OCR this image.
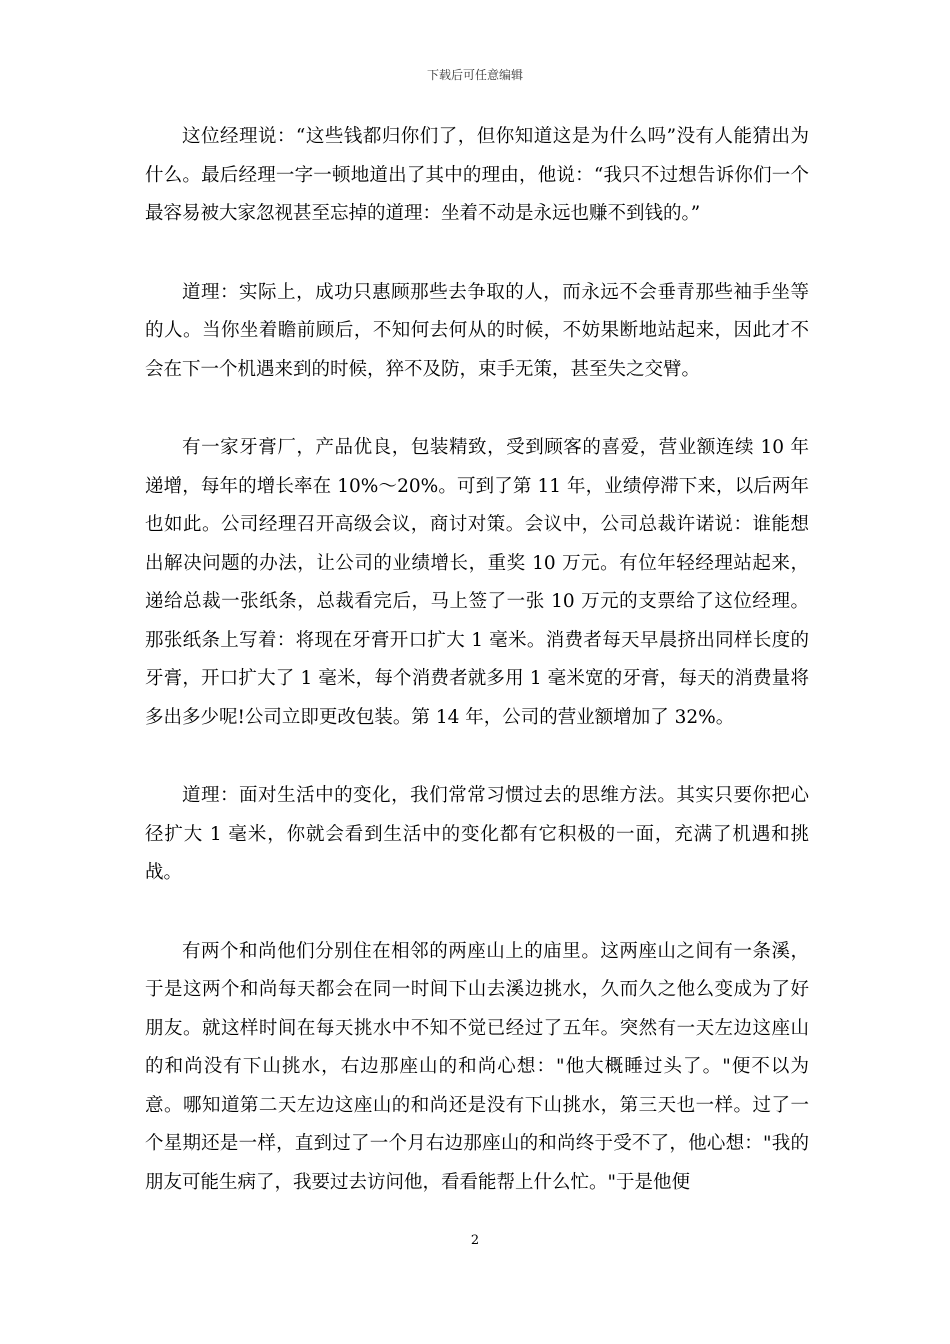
下载后可任意编辑

这位经理说：“这些钱都归你们了，但你知道这是为什么吗”没有人能猜出为什么。最后经理一字一顿地道出了其中的理由，他说：“我只不过想告诉你们一个最容易被大家忽视甚至忘掉的道理：坐着不动是永远也赚不到钱的。”

道理：实际上，成功只惠顾那些去争取的人，而永远不会垂青那些袖手坐等的人。当你坐着瞻前顾后，不知何去何从的时候，不妨果断地站起来，因此才不会在下一个机遇来到的时候，猝不及防，束手无策，甚至失之交臂。

有一家牙膏厂，产品优良，包装精致，受到顾客的喜爱，营业额连续 10 年递增，每年的增长率在 10%～20%。可到了第 11 年，业绩停滞下来，以后两年也如此。公司经理召开高级会议，商讨对策。会议中，公司总裁许诺说：谁能想出解决问题的办法，让公司的业绩增长，重奖 10 万元。有位年轻经理站起来，递给总裁一张纸条，总裁看完后，马上签了一张 10 万元的支票给了这位经理。那张纸条上写着：将现在牙膏开口扩大 1 毫米。消费者每天早晨挤出同样长度的牙膏，开口扩大了 1 毫米，每个消费者就多用 1 毫米宽的牙膏，每天的消费量将多出多少呢!公司立即更改包装。第 14 年，公司的营业额增加了 32%。

道理：面对生活中的变化，我们常常习惯过去的思维方法。其实只要你把心径扩大 1 毫米，你就会看到生活中的变化都有它积极的一面，充满了机遇和挑战。

有两个和尚他们分别住在相邻的两座山上的庙里。这两座山之间有一条溪，于是这两个和尚每天都会在同一时间下山去溪边挑水，久而久之他么变成为了好朋友。就这样时间在每天挑水中不知不觉已经过了五年。突然有一天左边这座山的和尚没有下山挑水，右边那座山的和尚心想："他大概睡过头了。"便不以为意。哪知道第二天左边这座山的和尚还是没有下山挑水，第三天也一样。过了一个星期还是一样，直到过了一个月右边那座山的和尚终于受不了，他心想："我的朋友可能生病了，我要过去访问他，看看能帮上什么忙。"于是他便

2
